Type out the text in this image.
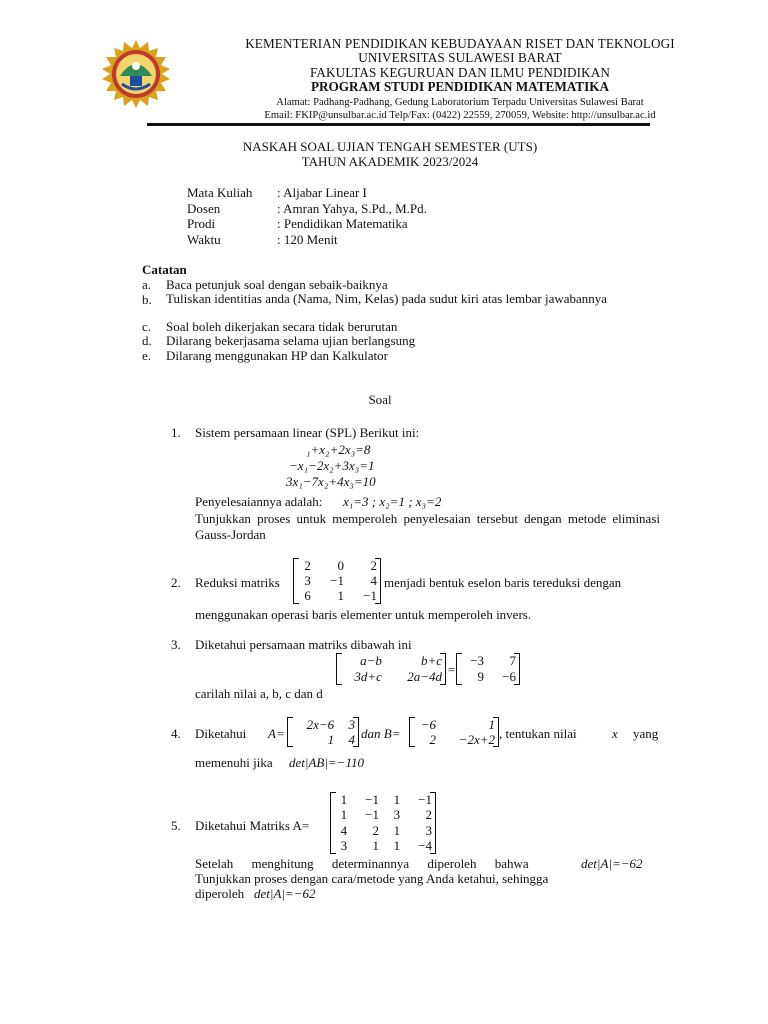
KEMENTERIAN PENDIDIKAN KEBUDAYAAN RISET DAN TEKNOLOGI
UNIVERSITAS SULAWESI BARAT
FAKULTAS KEGURUAN DAN ILMU PENDIDIKAN
PROGRAM STUDI PENDIDIKAN MATEMATIKA
Alamat: Padhang-Padhang, Gedung Laboratorium Terpadu Universitas Sulawesi Barat
Email: FKIP@unsulbar.ac.id Telp/Fax: (0422) 22559, 270059, Website: http://unsulbar.ac.id
NASKAH SOAL UJIAN TENGAH SEMESTER (UTS)
TAHUN AKADEMIK 2023/2024
Mata Kuliah : Aljabar Linear I
Dosen	: Amran Yahya, S.Pd., M.Pd.
Prodi	: Pendidikan Matematika
Waktu	: 120 Menit
Catatan
a. Baca petunjuk soal dengan sebaik-baiknya
b. Tuliskan identitias anda (Nama, Nim, Kelas) pada sudut kiri atas lembar jawabannya
c. Soal boleh dikerjakan secara tidak berurutan
d. Dilarang bekerjasama selama ujian berlangsung
e. Dilarang menggunakan HP dan Kalkulator
Soal
1. Sistem persamaan linear (SPL) Berikut ini:
₁+x₂+2x₃=8
−x₁−2x₂+3x₃=1
3x₁−7x₂+4x₃=10
Penyelesaiannya adalah: x₁=3 ; x₂=1 ; x₃=2
Tunjukkan proses untuk memperoleh penyelesaian tersebut dengan metode eliminasi Gauss-Jordan
2. Reduksi matriks
2	0	2
3	−1	4
6	1	−1
menjadi bentuk eselon baris tereduksi dengan
menggunakan operasi baris elementer untuk memperoleh invers.
3. Diketahui persamaan matriks dibawah ini
a−b	b+c
3d+c	2a−4d =
−3	7
9	−6
carilah nilai a, b, c dan d
4. Diketahui A=
2x−6	3
1	4 dan B=
−6	1
2	−2x+2 , tentukan nilai	x yang
memenuhi jika det|AB|=−110
5. Diketahui Matriks A=
1	−1	1	−1
1	−1	3	2
4	2	1	3
3	1	1	−4
Setelah menghitung determinannya diperoleh bahwa	det|A|=−62
Tunjukkan proses dengan cara/metode yang Anda ketahui, sehingga
diperoleh det|A|=−62
